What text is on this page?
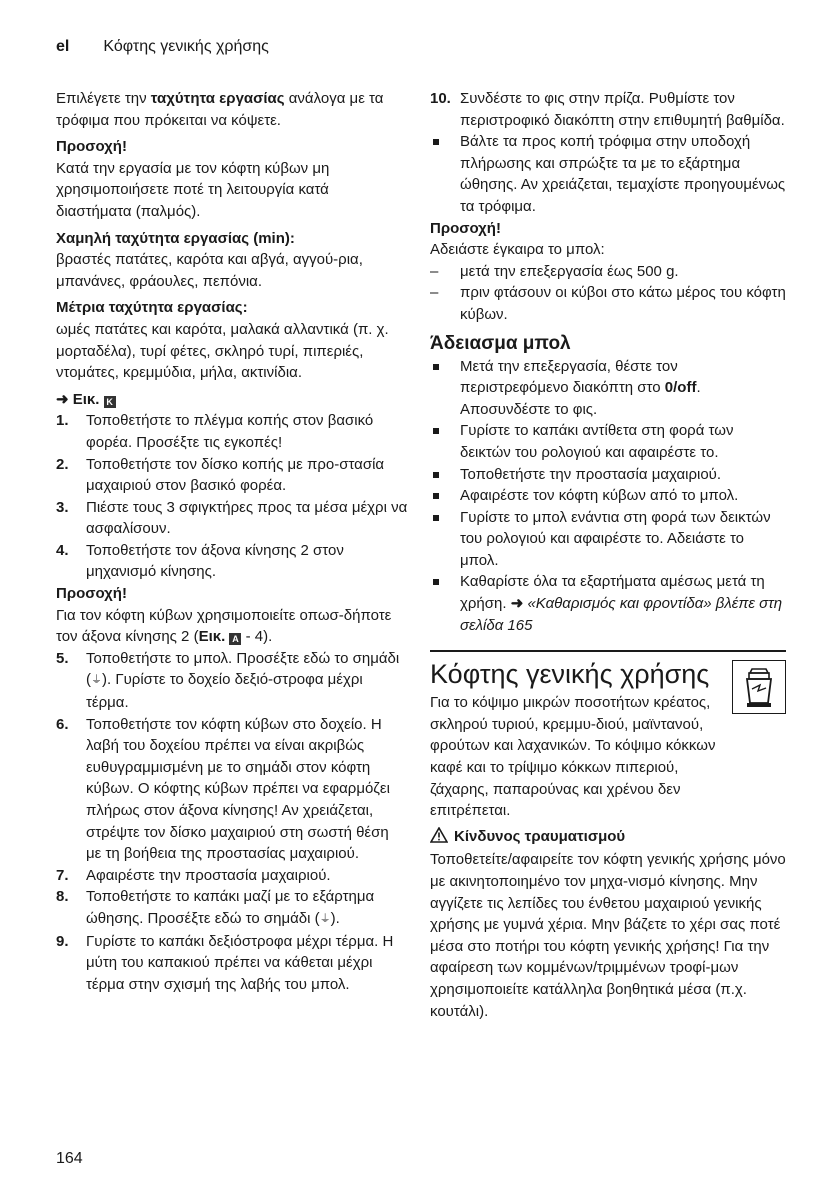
el Κόφτης γενικής χρήσης

Επιλέγετε την ταχύτητα εργασίας ανάλογα με τα τρόφιμα που πρόκειται να κόψετε.

Προσοχή!

Κατά την εργασία με τον κόφτη κύβων μη χρησιμοποιήσετε ποτέ τη λειτουργία κατά διαστήματα (παλμός).

Χαμηλή ταχύτητα εργασίας (min):

βραστές πατάτες, καρότα και αβγά, αγγού-ρια, μπανάνες, φράουλες, πεπόνια.

Μέτρια ταχύτητα εργασίας:

ωμές πατάτες και καρότα, μαλακά αλλαντικά (π. χ. μορταδέλα), τυρί φέτες, σκληρό τυρί, πιπεριές, ντομάτες, κρεμμύδια, μήλα, ακτινίδια.

➜ Εικ. K

1. Τοποθετήστε το πλέγμα κοπής στον βασικό φορέα. Προσέξτε τις εγκοπές!
2. Τοποθετήστε τον δίσκο κοπής με προ-στασία μαχαιριού στον βασικό φορέα.
3. Πιέστε τους 3 σφιγκτήρες προς τα μέσα μέχρι να ασφαλίσουν.
4. Τοποθετήστε τον άξονα κίνησης 2 στον μηχανισμό κίνησης.

Προσοχή!

Για τον κόφτη κύβων χρησιμοποιείτε οπωσ-δήποτε τον άξονα κίνησης 2 (Εικ. A - 4).

5. Τοποθετήστε το μπολ. Προσέξτε εδώ το σημάδι (⏚). Γυρίστε το δοχείο δεξιό-στροφα μέχρι τέρμα.
6. Τοποθετήστε τον κόφτη κύβων στο δοχείο. Η λαβή του δοχείου πρέπει να είναι ακριβώς ευθυγραμμισμένη με το σημάδι στον κόφτη κύβων. Ο κόφτης κύβων πρέπει να εφαρμόζει πλήρως στον άξονα κίνησης! Αν χρειάζεται, στρέψτε τον δίσκο μαχαιριού στη σωστή θέση με τη βοήθεια της προστασίας μαχαιριού.
7. Αφαιρέστε την προστασία μαχαιριού.
8. Τοποθετήστε το καπάκι μαζί με το εξάρτημα ώθησης. Προσέξτε εδώ το σημάδι (⏚).
9. Γυρίστε το καπάκι δεξιόστροφα μέχρι τέρμα. Η μύτη του καπακιού πρέπει να κάθεται μέχρι τέρμα στην σχισμή της λαβής του μπολ.
10. Συνδέστε το φις στην πρίζα. Ρυθμίστε τον περιστροφικό διακόπτη στην επιθυμητή βαθμίδα.
Βάλτε τα προς κοπή τρόφιμα στην υποδοχή πλήρωσης και σπρώξτε τα με το εξάρτημα ώθησης. Αν χρειάζεται, τεμαχίστε προηγουμένως τα τρόφιμα.

Προσοχή!

Αδειάστε έγκαιρα το μπολ:

– μετά την επεξεργασία έως 500 g.
– πριν φτάσουν οι κύβοι στο κάτω μέρος του κόφτη κύβων.

Άδειασμα μπολ

Μετά την επεξεργασία, θέστε τον περιστρεφόμενο διακόπτη στο 0/off. Αποσυνδέστε το φις.
Γυρίστε το καπάκι αντίθετα στη φορά των δεικτών του ρολογιού και αφαιρέστε το.
Τοποθετήστε την προστασία μαχαιριού.
Αφαιρέστε τον κόφτη κύβων από το μπολ.
Γυρίστε το μπολ ενάντια στη φορά των δεικτών του ρολογιού και αφαιρέστε το. Αδειάστε το μπολ.
Καθαρίστε όλα τα εξαρτήματα αμέσως μετά τη χρήση. ➜ «Καθαρισμός και φροντίδα» βλέπε στη σελίδα 165

Κόφτης γενικής χρήσης

Για το κόψιμο μικρών ποσοτήτων κρέατος, σκληρού τυριού, κρεμμυ-διού, μαϊντανού, φρούτων και λαχανικών. Το κόψιμο κόκκων καφέ και το τρίψιμο κόκκων πιπεριού, ζάχαρης, παπαρούνας και χρένου δεν επιτρέπεται.

Κίνδυνος τραυματισμού

Τοποθετείτε/αφαιρείτε τον κόφτη γενικής χρήσης μόνο με ακινητοποιημένο τον μηχα-νισμό κίνησης. Μην αγγίζετε τις λεπίδες του ένθετου μαχαιριού γενικής χρήσης με γυμνά χέρια. Μην βάζετε το χέρι σας ποτέ μέσα στο ποτήρι του κόφτη γενικής χρήσης! Για την αφαίρεση των κομμένων/τριμμένων τροφί-μων χρησιμοποιείτε κατάλληλα βοηθητικά μέσα (π.χ. κουτάλι).

164
